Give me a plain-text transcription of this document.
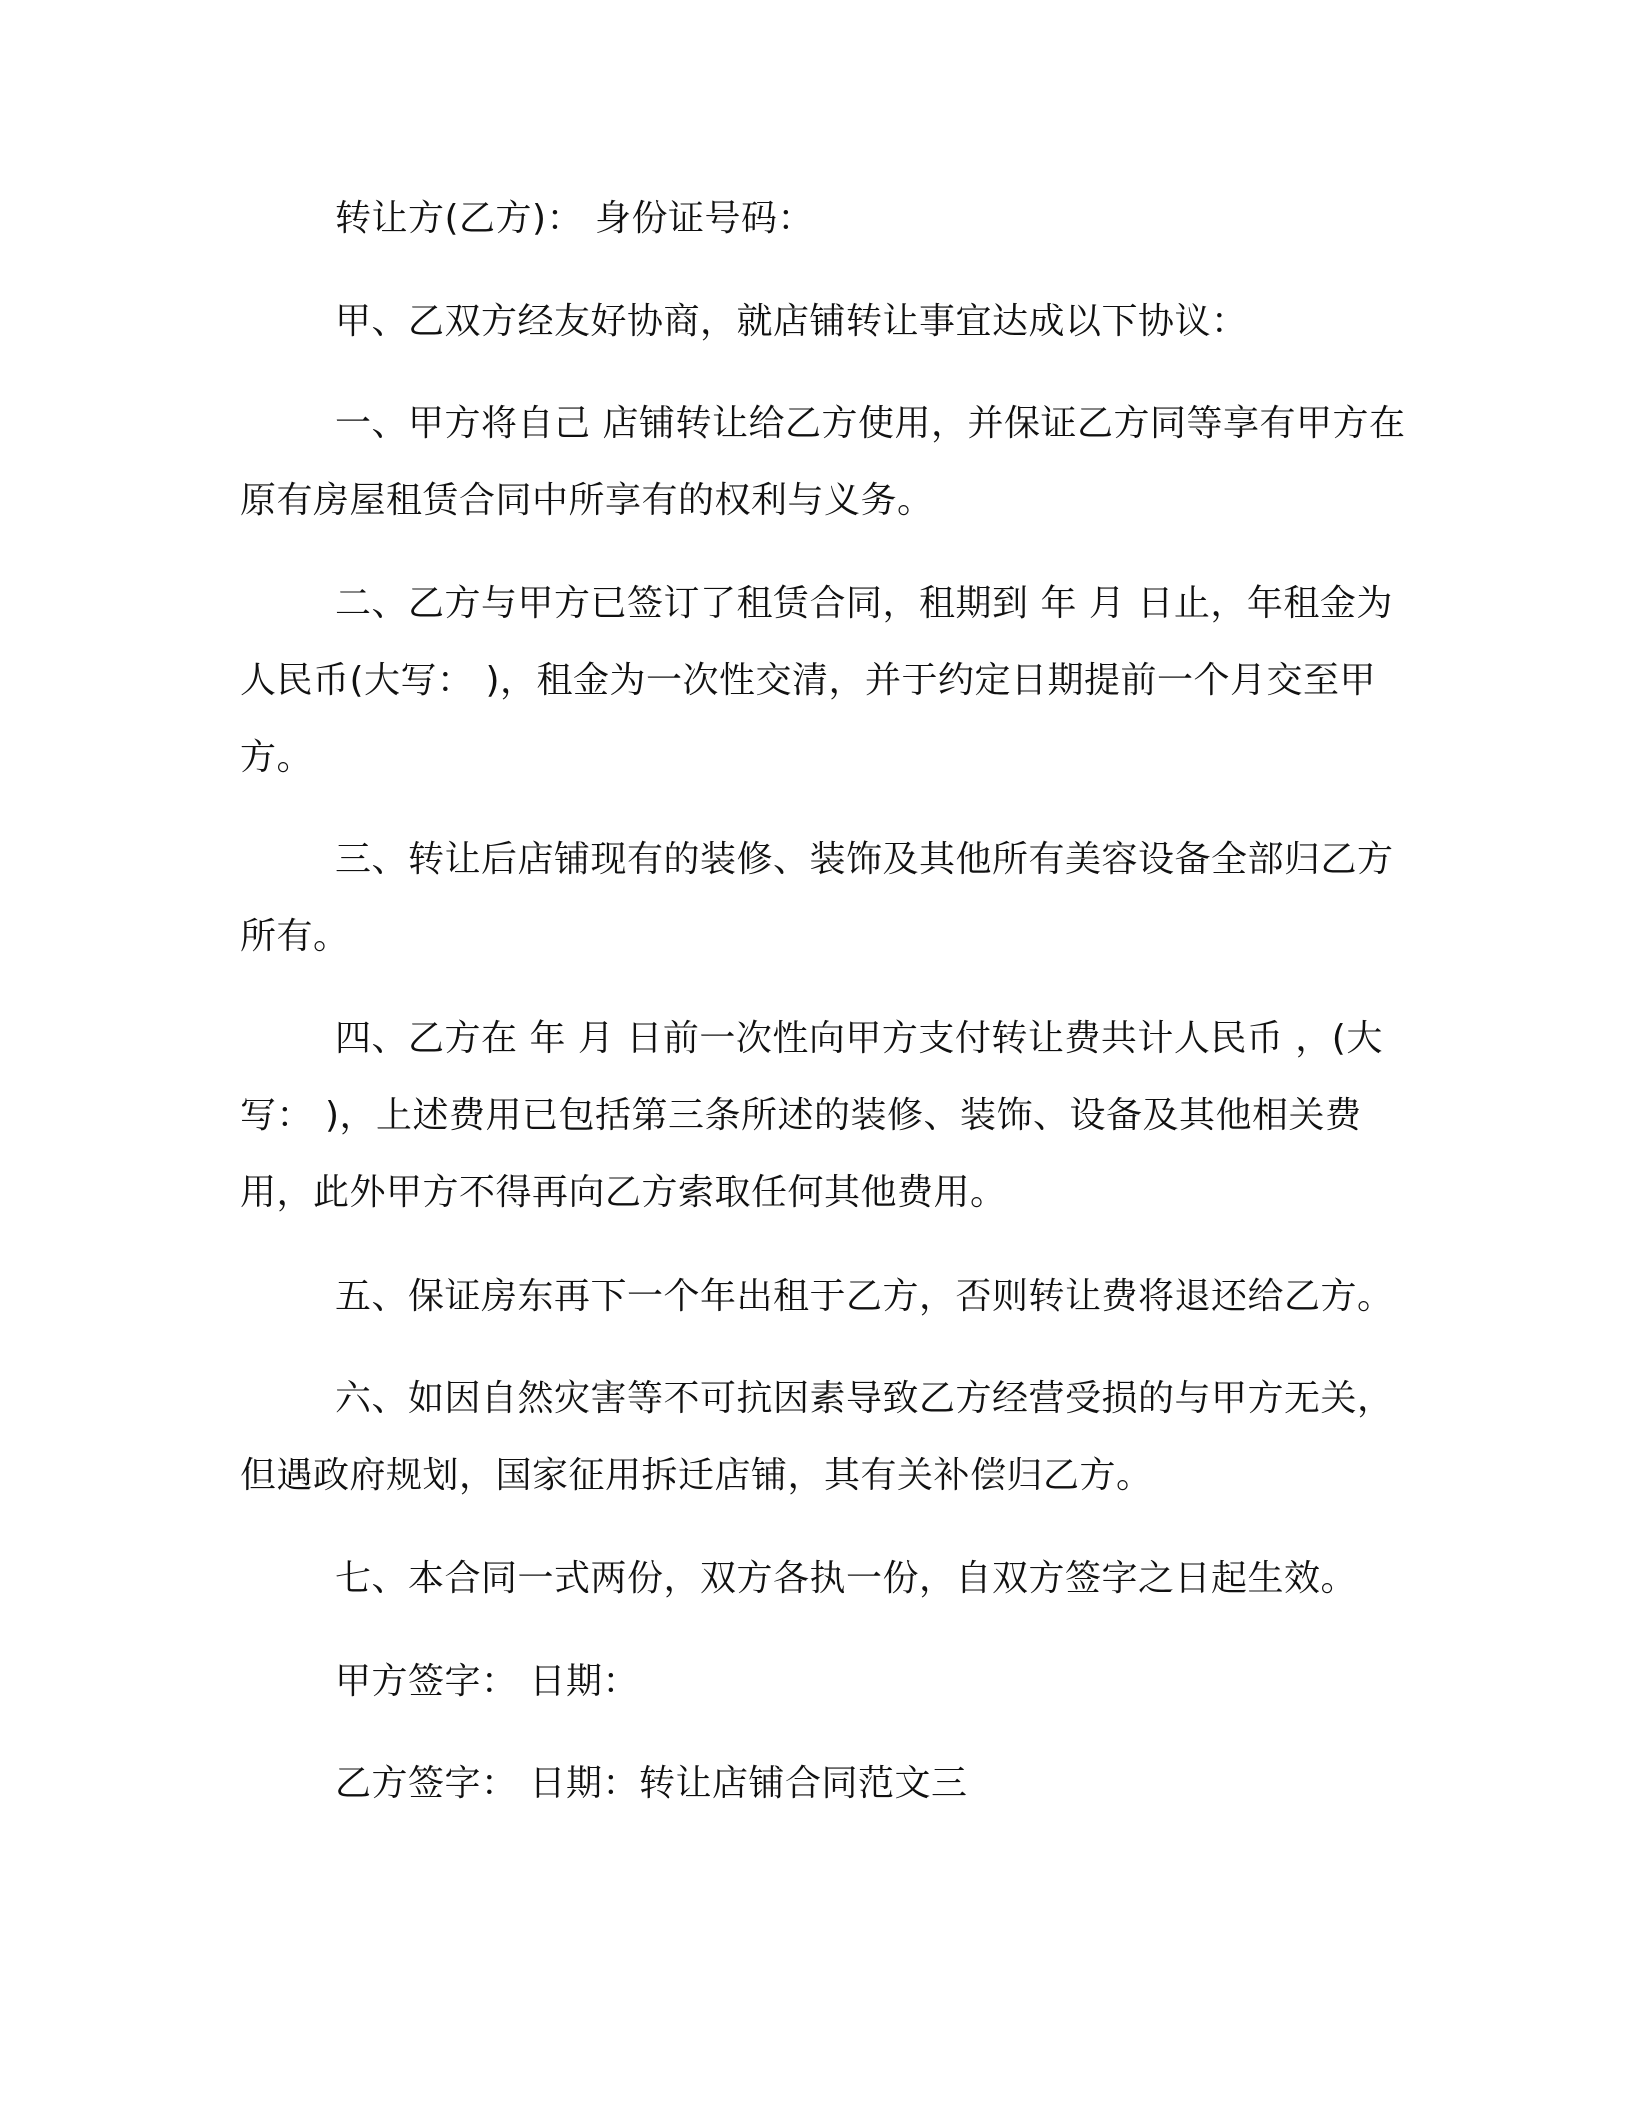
转让方(乙方)： 身份证号码：

甲、乙双方经友好协商，就店铺转让事宜达成以下协议：

一、甲方将自己 店铺转让给乙方使用，并保证乙方同等享有甲方在原有房屋租赁合同中所享有的权利与义务。

二、乙方与甲方已签订了租赁合同，租期到 年 月 日止，年租金为 人民币(大写： )，租金为一次性交清，并于约定日期提前一个月交至甲方。

三、转让后店铺现有的装修、装饰及其他所有美容设备全部归乙方所有。

四、乙方在 年 月 日前一次性向甲方支付转让费共计人民币 ，(大写： )，上述费用已包括第三条所述的装修、装饰、设备及其他相关费用，此外甲方不得再向乙方索取任何其他费用。

五、保证房东再下一个年出租于乙方，否则转让费将退还给乙方。

六、如因自然灾害等不可抗因素导致乙方经营受损的与甲方无关，但遇政府规划，国家征用拆迁店铺，其有关补偿归乙方。

七、本合同一式两份，双方各执一份，自双方签字之日起生效。

甲方签字： 日期：

乙方签字： 日期：转让店铺合同范文三
